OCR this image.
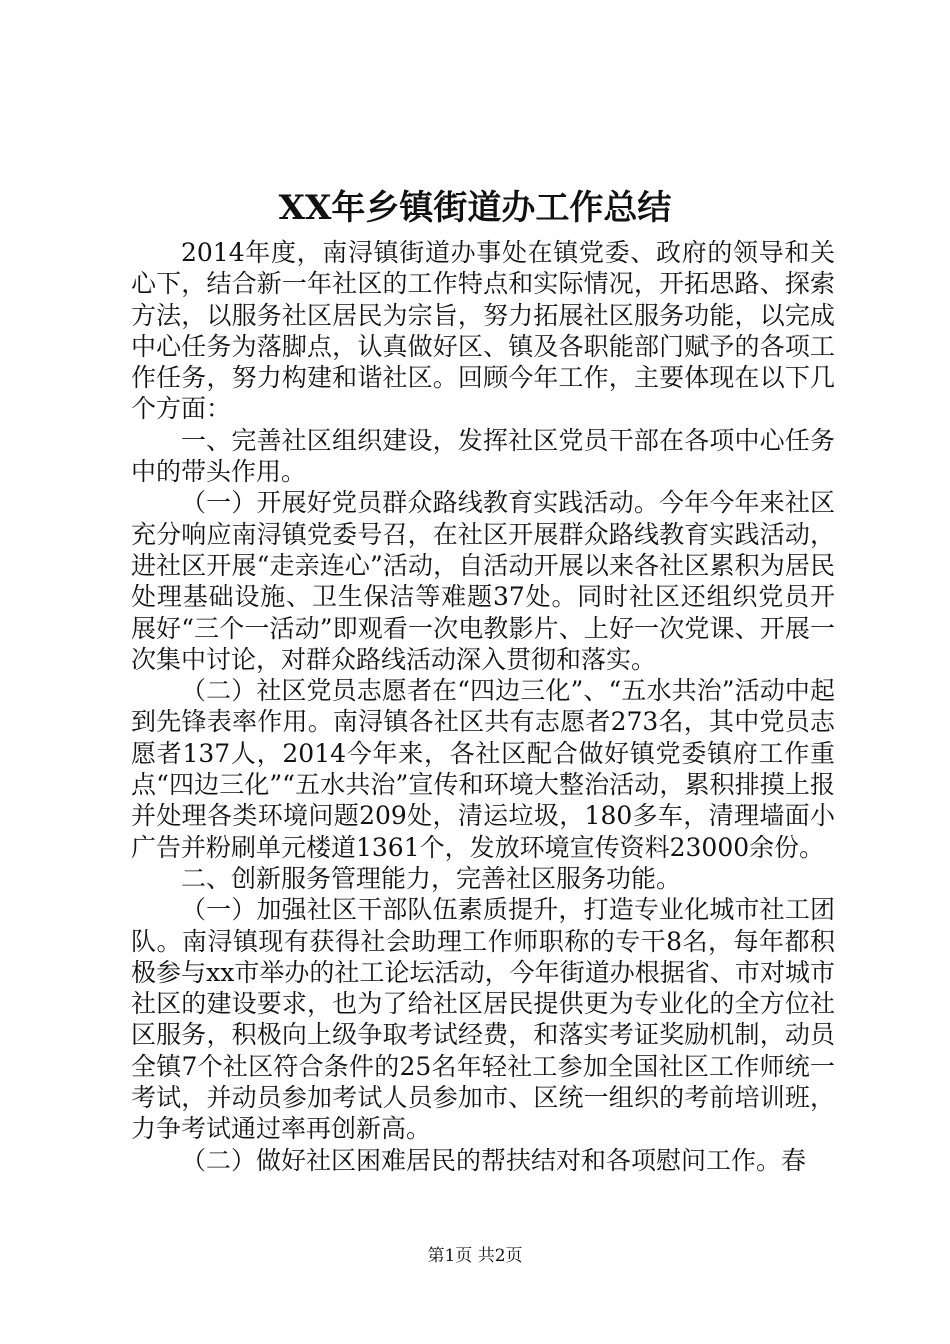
XX年乡镇街道办工作总结

2014年度，南浔镇街道办事处在镇党委、政府的领导和关心下，结合新一年社区的工作特点和实际情况，开拓思路、探索方法，以服务社区居民为宗旨，努力拓展社区服务功能，以完成中心任务为落脚点，认真做好区、镇及各职能部门赋予的各项工作任务，努力构建和谐社区。回顾今年工作，主要体现在以下几个方面：

一、完善社区组织建设，发挥社区党员干部在各项中心任务中的带头作用。

（一）开展好党员群众路线教育实践活动。今年今年来社区充分响应南浔镇党委号召，在社区开展群众路线教育实践活动，进社区开展“走亲连心”活动，自活动开展以来各社区累积为居民处理基础设施、卫生保洁等难题37处。同时社区还组织党员开展好“三个一活动”即观看一次电教影片、上好一次党课、开展一次集中讨论，对群众路线活动深入贯彻和落实。

（二）社区党员志愿者在“四边三化”、“五水共治”活动中起到先锋表率作用。南浔镇各社区共有志愿者273名，其中党员志愿者137人，2014今年来，各社区配合做好镇党委镇府工作重点“四边三化”“五水共治”宣传和环境大整治活动，累积排摸上报并处理各类环境问题209处，清运垃圾，180多车，清理墙面小广告并粉刷单元楼道1361个，发放环境宣传资料23000余份。

二、创新服务管理能力，完善社区服务功能。

（一）加强社区干部队伍素质提升，打造专业化城市社工团队。南浔镇现有获得社会助理工作师职称的专干8名，每年都积极参与xx市举办的社工论坛活动，今年街道办根据省、市对城市社区的建设要求，也为了给社区居民提供更为专业化的全方位社区服务，积极向上级争取考试经费，和落实考证奖励机制，动员全镇7个社区符合条件的25名年轻社工参加全国社区工作师统一考试，并动员参加考试人员参加市、区统一组织的考前培训班，力争考试通过率再创新高。

（二）做好社区困难居民的帮扶结对和各项慰问工作。春

第1页 共2页
